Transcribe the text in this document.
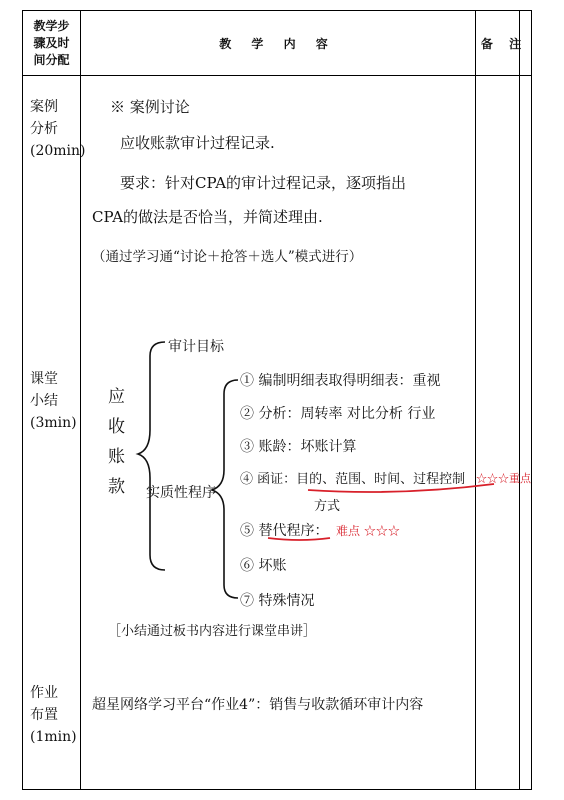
教学步
骤及时
间分配
教 学 内 容	备 注
案例
分析
(20min)
※ 案例讨论
应收账款审计过程记录.
要求：针对CPA的审计过程记录，逐项指出
CPA的做法是否恰当，并简述理由.
（通过学习通“讨论＋抢答＋选人”模式进行）
课堂
小结
(3min)
应
收
账
款
审计目标
实质性程序
① 编制明细表取得明细表：重视
② 分析：周转率 对比分析 行业
③ 账龄：坏账计算
④ 函证：目的、范围、时间、过程控制 ☆☆☆重点
方式
⑤ 替代程序： 难点 ☆☆☆
⑥ 坏账
⑦ 特殊情况
［小结通过板书内容进行课堂串讲］
作业
布置
(1min)
超星网络学习平台“作业4”：销售与收款循环审计内容
